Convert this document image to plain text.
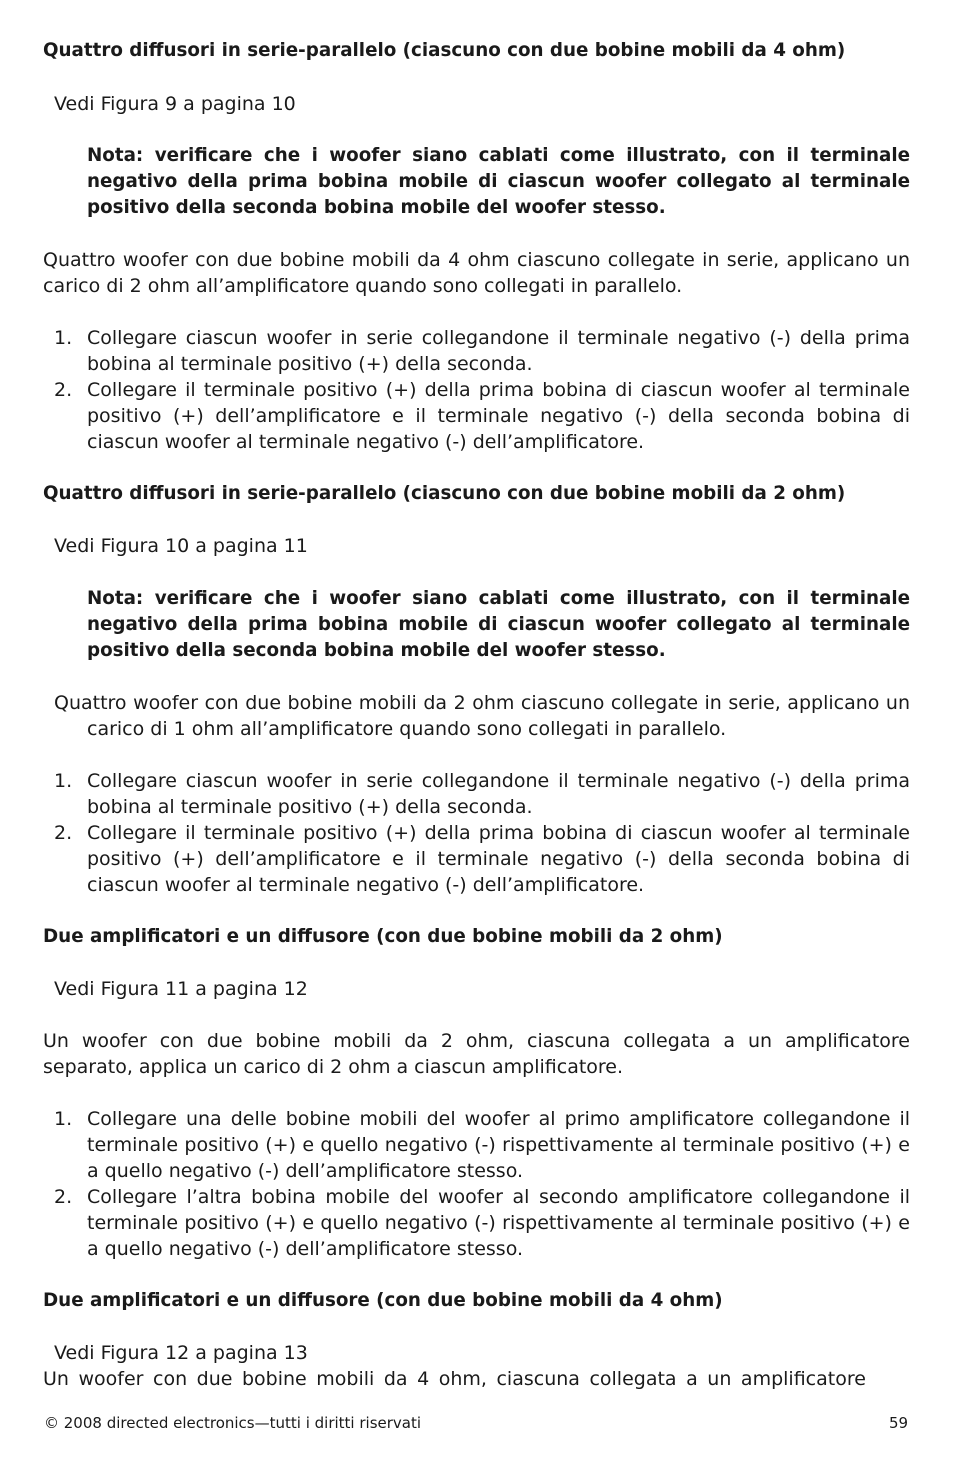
Quattro diffusori in serie-parallelo (ciascuno con due bobine mobili da 4 ohm)
Vedi Figura 9 a pagina 10
Nota: verificare che i woofer siano cablati come illustrato, con il terminale negativo della prima bobina mobile di ciascun woofer collegato al terminale positivo della seconda bobina mobile del woofer stesso.
Quattro woofer con due bobine mobili da 4 ohm ciascuno collegate in serie, applicano un carico di 2 ohm all’amplificatore quando sono collegati in parallelo.
1. Collegare ciascun woofer in serie collegandone il terminale negativo (-) della prima bobina al terminale positivo (+) della seconda.
2. Collegare il terminale positivo (+) della prima bobina di ciascun woofer al terminale positivo (+) dell’amplificatore e il terminale negativo (-) della seconda bobina di ciascun woofer al terminale negativo (-) dell’amplificatore.
Quattro diffusori in serie-parallelo (ciascuno con due bobine mobili da 2 ohm)
Vedi Figura 10 a pagina 11
Nota: verificare che i woofer siano cablati come illustrato, con il terminale negativo della prima bobina mobile di ciascun woofer collegato al terminale positivo della seconda bobina mobile del woofer stesso.
Quattro woofer con due bobine mobili da 2 ohm ciascuno collegate in serie, applicano un carico di 1 ohm all’amplificatore quando sono collegati in parallelo.
1. Collegare ciascun woofer in serie collegandone il terminale negativo (-) della prima bobina al terminale positivo (+) della seconda.
2. Collegare il terminale positivo (+) della prima bobina di ciascun woofer al terminale positivo (+) dell’amplificatore e il terminale negativo (-) della seconda bobina di ciascun woofer al terminale negativo (-) dell’amplificatore.
Due amplificatori e un diffusore (con due bobine mobili da 2 ohm)
Vedi Figura 11 a pagina 12
Un woofer con due bobine mobili da 2 ohm, ciascuna collegata a un amplificatore separato, applica un carico di 2 ohm a ciascun amplificatore.
1. Collegare una delle bobine mobili del woofer al primo amplificatore collegandone il terminale positivo (+) e quello negativo (-) rispettivamente al terminale positivo (+) e a quello negativo (-) dell’amplificatore stesso.
2. Collegare l’altra bobina mobile del woofer al secondo amplificatore collegandone il terminale positivo (+) e quello negativo (-) rispettivamente al terminale positivo (+) e a quello negativo (-) dell’amplificatore stesso.
Due amplificatori e un diffusore (con due bobine mobili da 4 ohm)
Vedi Figura 12 a pagina 13
Un woofer con due bobine mobili da 4 ohm, ciascuna collegata a un amplificatore
© 2008 directed electronics—tutti i diritti riservati	59
